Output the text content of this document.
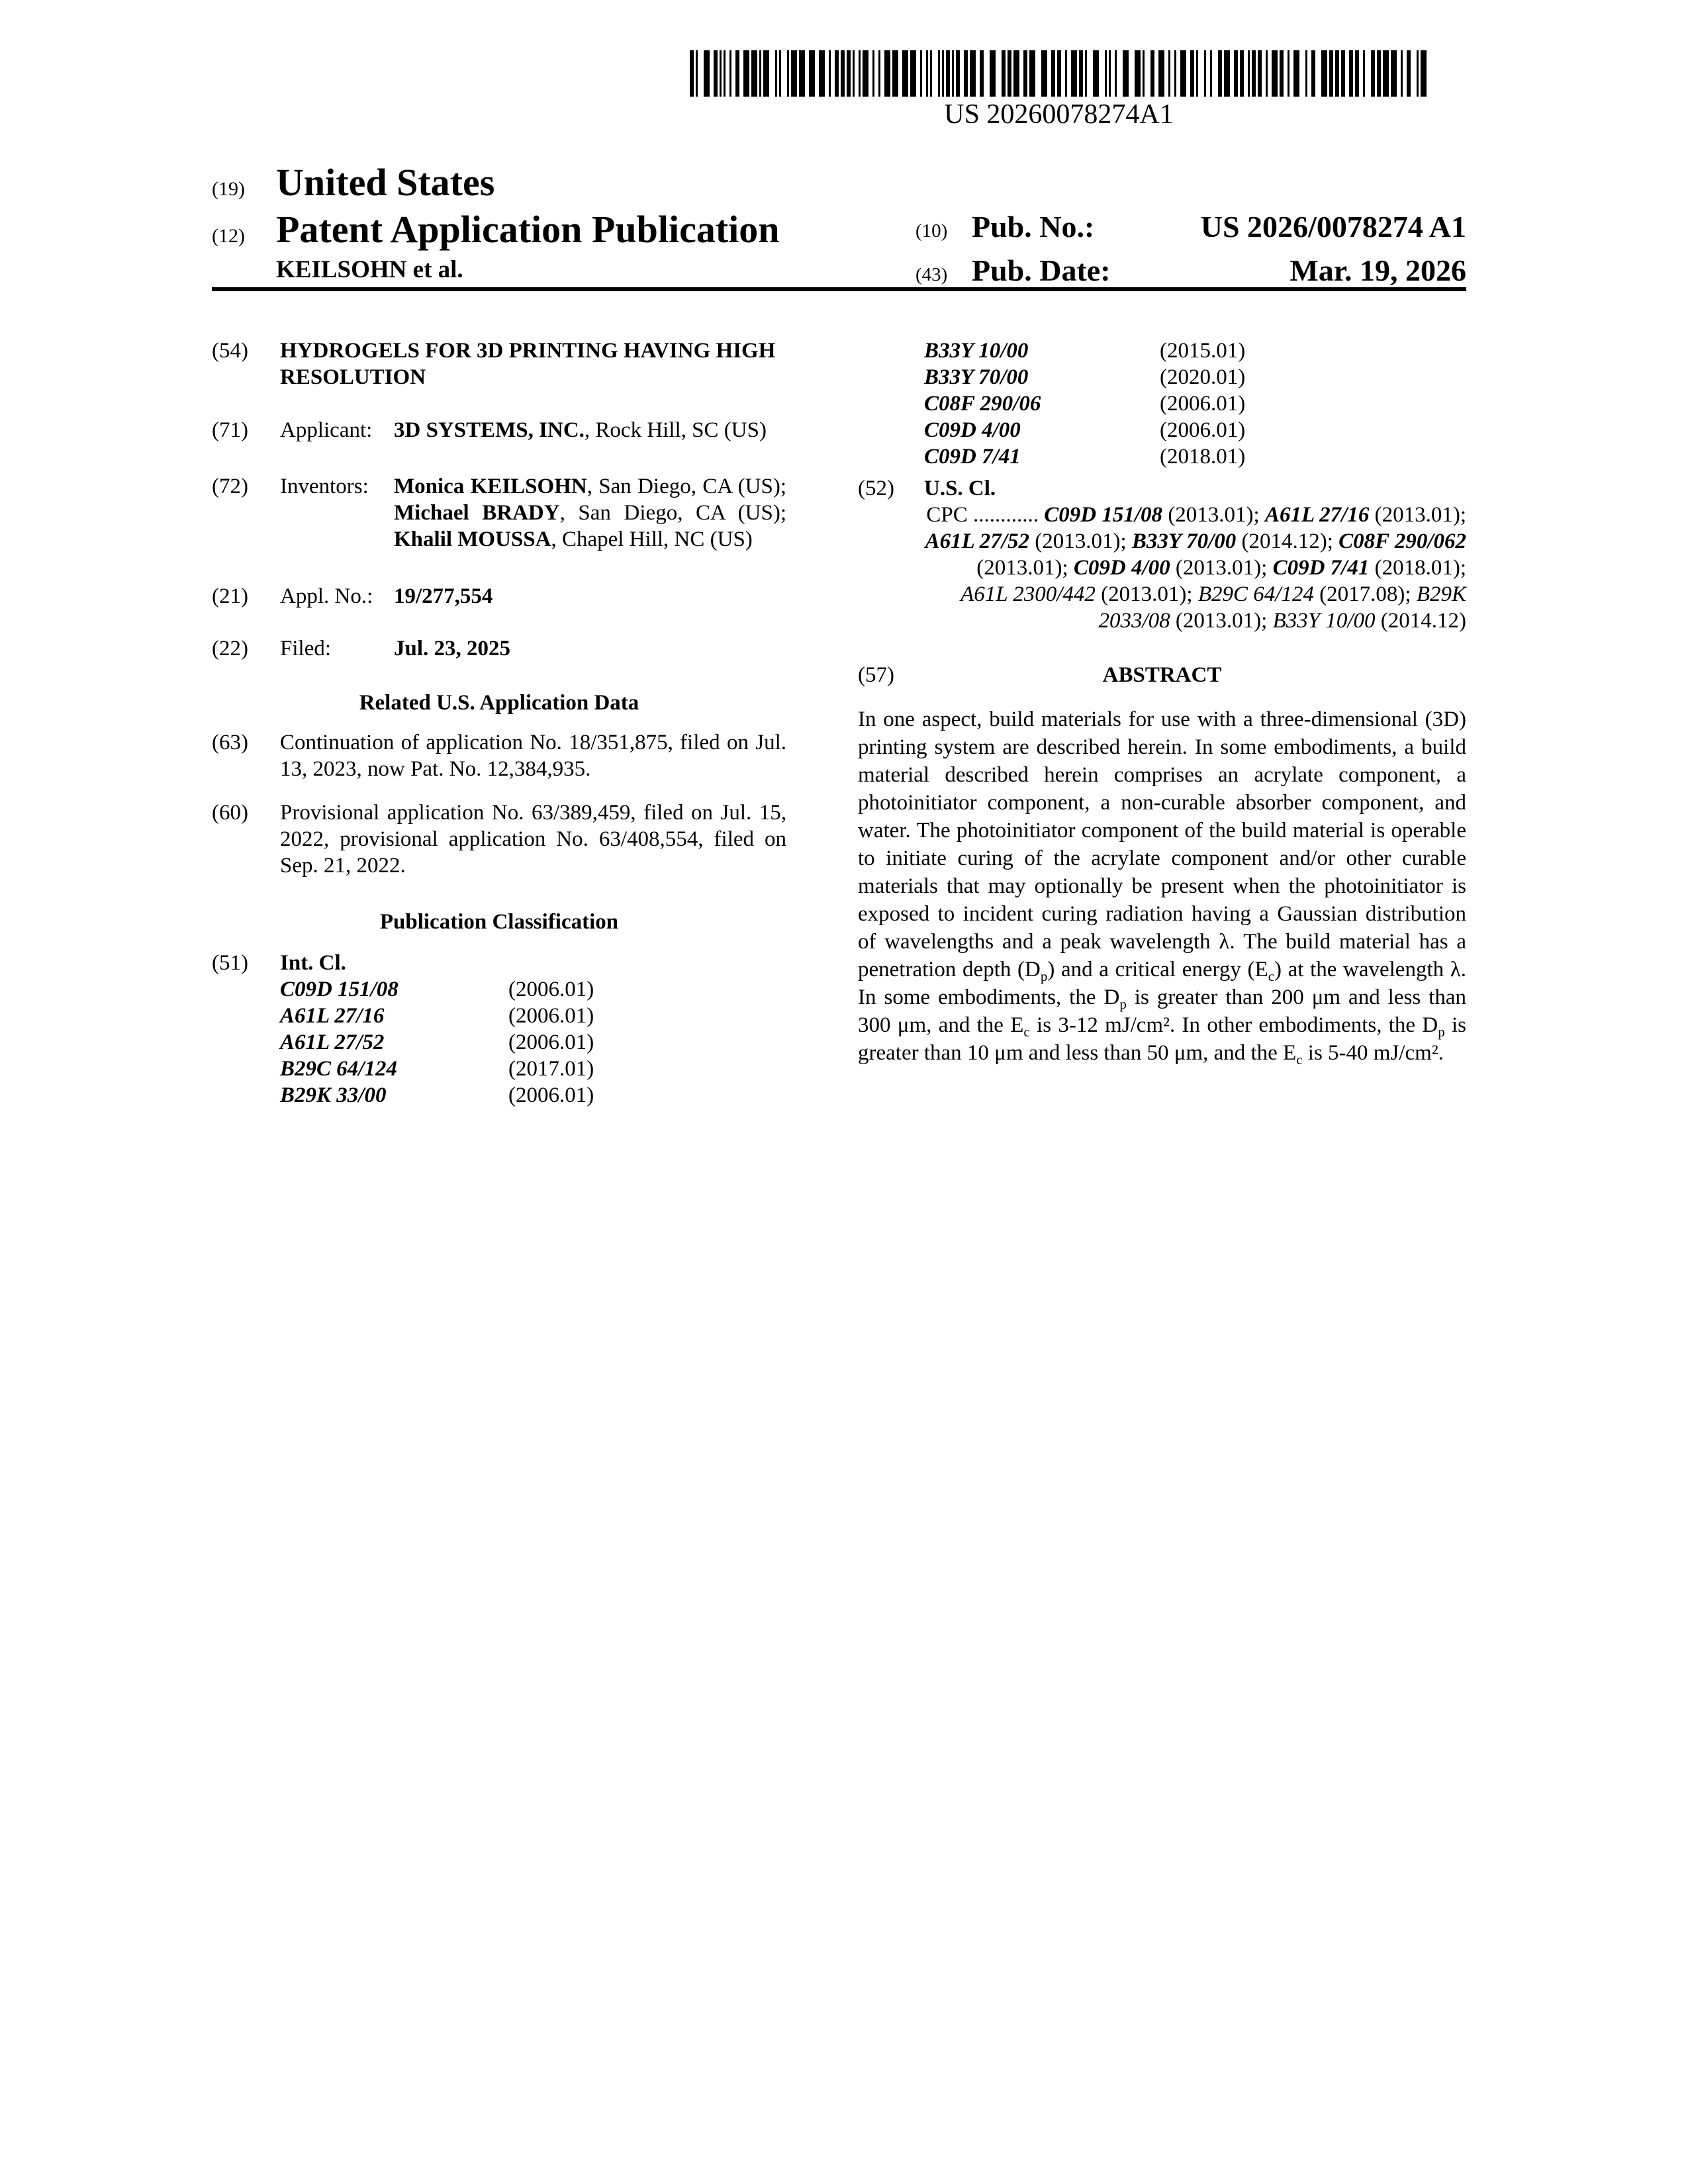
US 20260078274A1
(19) United States
(12) Patent Application Publication
KEILSOHN et al.
(10) Pub. No.:	US 2026/0078274 A1
(43) Pub. Date:	Mar. 19, 2026
(54)	HYDROGELS FOR 3D PRINTING HAVING HIGH RESOLUTION
(71)	Applicant: 3D SYSTEMS, INC., Rock Hill, SC (US)
(72)	Inventors:	Monica KEILSOHN, San Diego, CA (US); Michael BRADY, San Diego, CA (US); Khalil MOUSSA, Chapel Hill, NC (US)
(21)	Appl. No.: 19/277,554
(22)	Filed:	Jul. 23, 2025
Related U.S. Application Data
(63)	Continuation of application No. 18/351,875, filed on Jul. 13, 2023, now Pat. No. 12,384,935.
(60)	Provisional application No. 63/389,459, filed on Jul. 15, 2022, provisional application No. 63/408,554, filed on Sep. 21, 2022.
Publication Classification
(51)	Int. Cl.
C09D 151/08	(2006.01)
A61L 27/16	(2006.01)
A61L 27/52	(2006.01)
B29C 64/124	(2017.01)
B29K 33/00	(2006.01)
B33Y 10/00	(2015.01)
B33Y 70/00	(2020.01)
C08F 290/06	(2006.01)
C09D 4/00	(2006.01)
C09D 7/41	(2018.01)
(52)	U.S. Cl.
CPC ............ C09D 151/08 (2013.01); A61L 27/16 (2013.01); A61L 27/52 (2013.01); B33Y 70/00 (2014.12); C08F 290/062 (2013.01); C09D 4/00 (2013.01); C09D 7/41 (2018.01); A61L 2300/442 (2013.01); B29C 64/124 (2017.08); B29K 2033/08 (2013.01); B33Y 10/00 (2014.12)
(57)	ABSTRACT
In one aspect, build materials for use with a three-dimensional (3D) printing system are described herein. In some embodiments, a build material described herein comprises an acrylate component, a photoinitiator component, a non-curable absorber component, and water. The photoinitiator component of the build material is operable to initiate curing of the acrylate component and/or other curable materials that may optionally be present when the photoinitiator is exposed to incident curing radiation having a Gaussian distribution of wavelengths and a peak wavelength λ. The build material has a penetration depth $(D_p)$ and a critical energy $(E_c)$ at the wavelength λ. In some embodiments, the $D_p$ is greater than 200 μm and less than 300 μm, and the $E_c$ is 3-12 mJ/cm². In other embodiments, the $D_p$ is greater than 10 μm and less than 50 μm, and the $E_c$ is 5-40 mJ/cm².
